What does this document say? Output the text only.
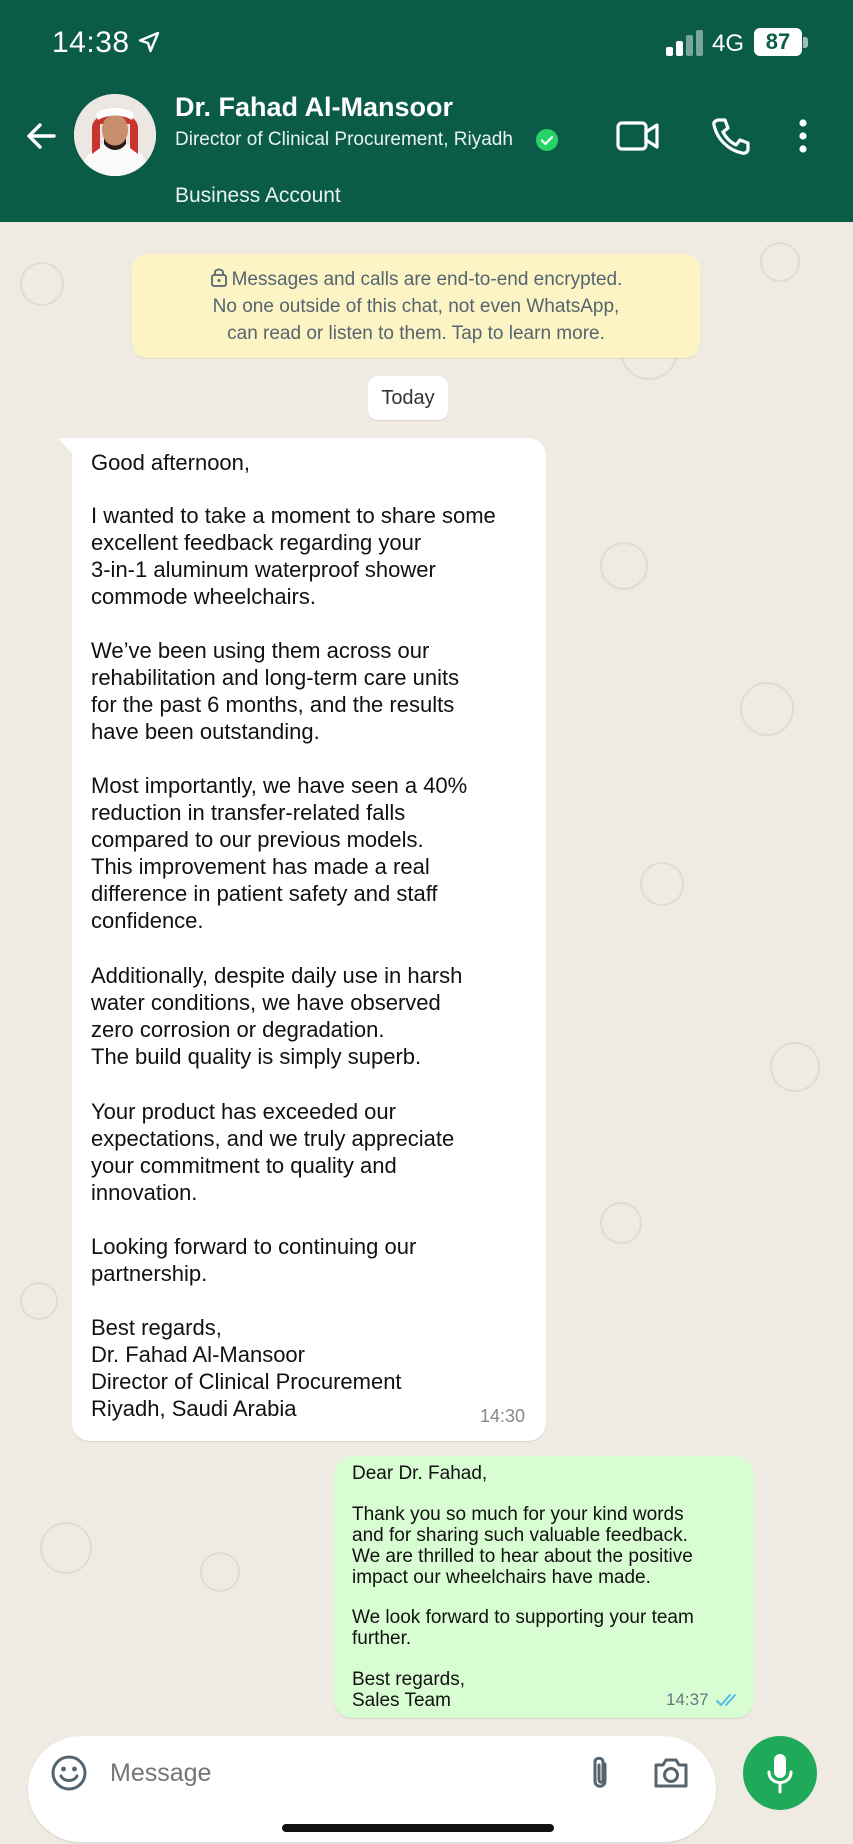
14:38	4G 87
Dr. Fahad Al-Mansoor
Director of Clinical Procurement, Riyadh
Business Account
Messages and calls are end-to-end encrypted.
No one outside of this chat, not even WhatsApp,
can read or listen to them. Tap to learn more.
Today
Good afternoon,
I wanted to take a moment to share some
excellent feedback regarding your
3-in-1 aluminum waterproof shower
commode wheelchairs.
We’ve been using them across our
rehabilitation and long-term care units
for the past 6 months, and the results
have been outstanding.
Most importantly, we have seen a 40%
reduction in transfer-related falls
compared to our previous models.
This improvement has made a real
difference in patient safety and staff
confidence.
Additionally, despite daily use in harsh
water conditions, we have observed
zero corrosion or degradation.
The build quality is simply superb.
Your product has exceeded our
expectations, and we truly appreciate
your commitment to quality and
innovation.
Looking forward to continuing our
partnership.
Best regards,
Dr. Fahad Al-Mansoor
Director of Clinical Procurement
Riyadh, Saudi Arabia	14:30
Dear Dr. Fahad,
Thank you so much for your kind words
and for sharing such valuable feedback.
We are thrilled to hear about the positive
impact our wheelchairs have made.
We look forward to supporting your team
further.
Best regards,
Sales Team	14:37
Message
